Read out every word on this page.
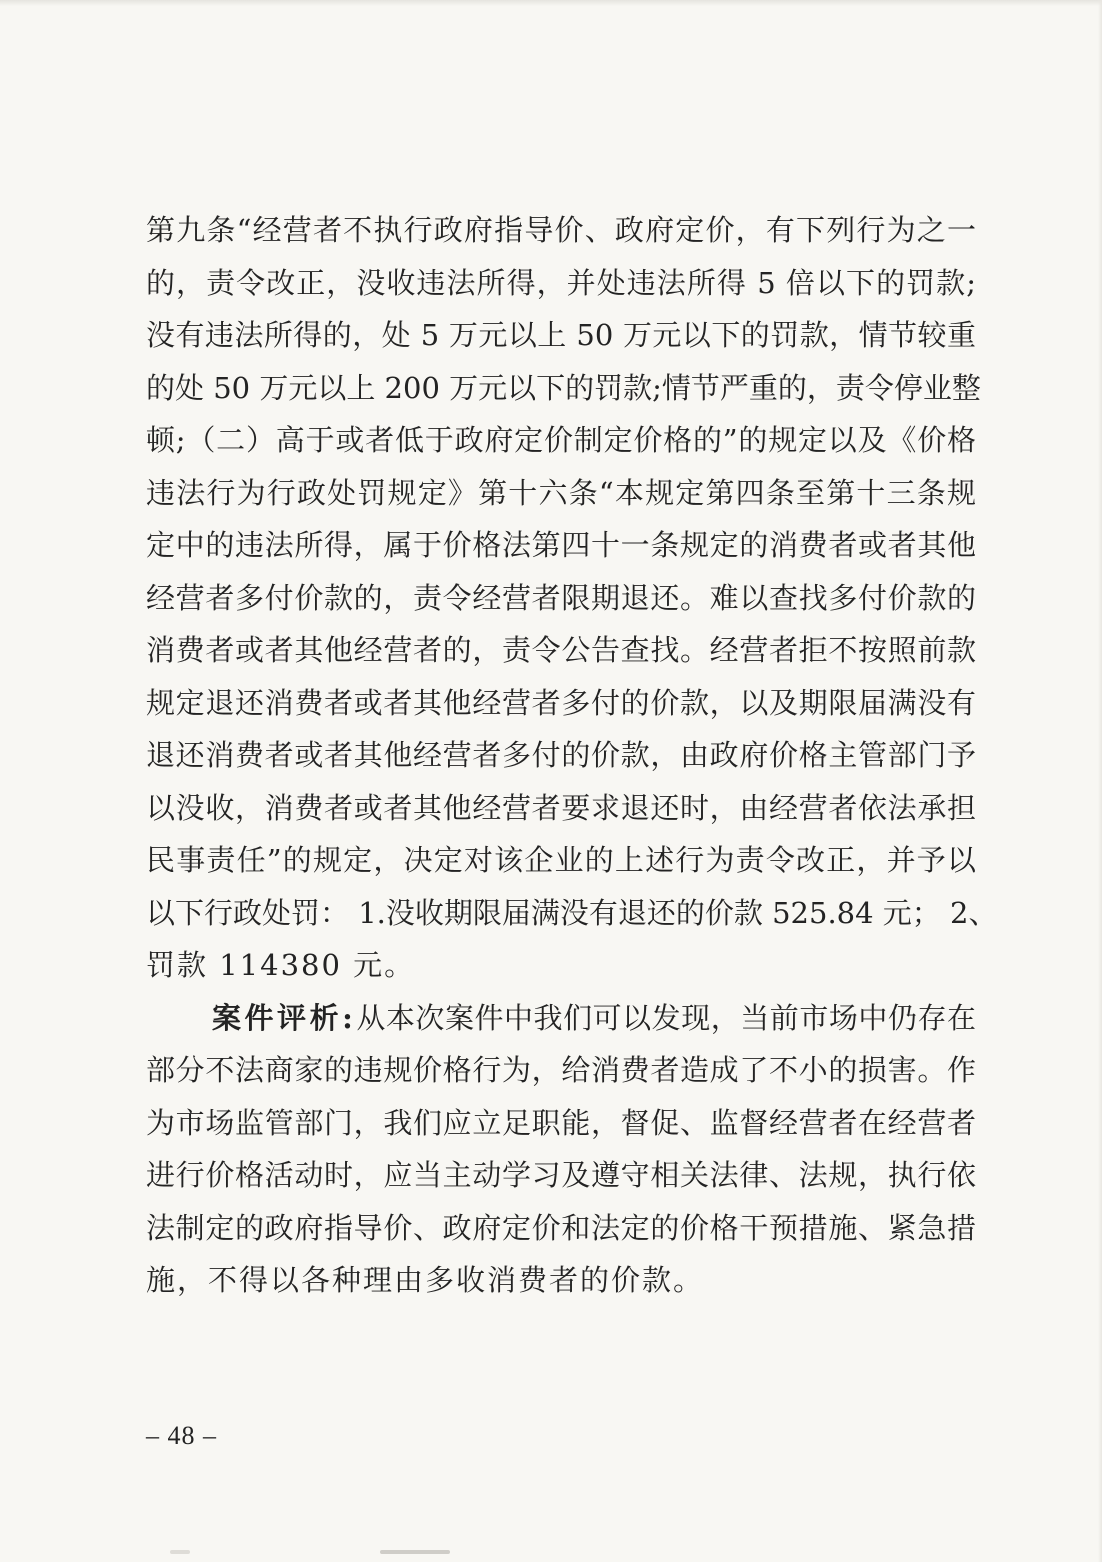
第九条“经营者不执行政府指导价、政府定价，有下列行为之一
的，责令改正，没收违法所得，并处违法所得 5 倍以下的罚款;
没有违法所得的，处 5 万元以上 50 万元以下的罚款，情节较重
的处 50 万元以上 200 万元以下的罚款;情节严重的，责令停业整
顿;（二）高于或者低于政府定价制定价格的”的规定以及《价格
违法行为行政处罚规定》第十六条“本规定第四条至第十三条规
定中的违法所得，属于价格法第四十一条规定的消费者或者其他
经营者多付价款的，责令经营者限期退还。难以查找多付价款的
消费者或者其他经营者的，责令公告查找。经营者拒不按照前款
规定退还消费者或者其他经营者多付的价款，以及期限届满没有
退还消费者或者其他经营者多付的价款，由政府价格主管部门予
以没收，消费者或者其他经营者要求退还时，由经营者依法承担
民事责任”的规定，决定对该企业的上述行为责令改正，并予以
以下行政处罚： 1.没收期限届满没有退还的价款 525.84 元； 2、
罚款 114380 元。
案件评析:从本次案件中我们可以发现，当前市场中仍存在
部分不法商家的违规价格行为，给消费者造成了不小的损害。作
为市场监管部门，我们应立足职能，督促、监督经营者在经营者
进行价格活动时，应当主动学习及遵守相关法律、法规，执行依
法制定的政府指导价、政府定价和法定的价格干预措施、紧急措
施，不得以各种理由多收消费者的价款。
– 48 –
